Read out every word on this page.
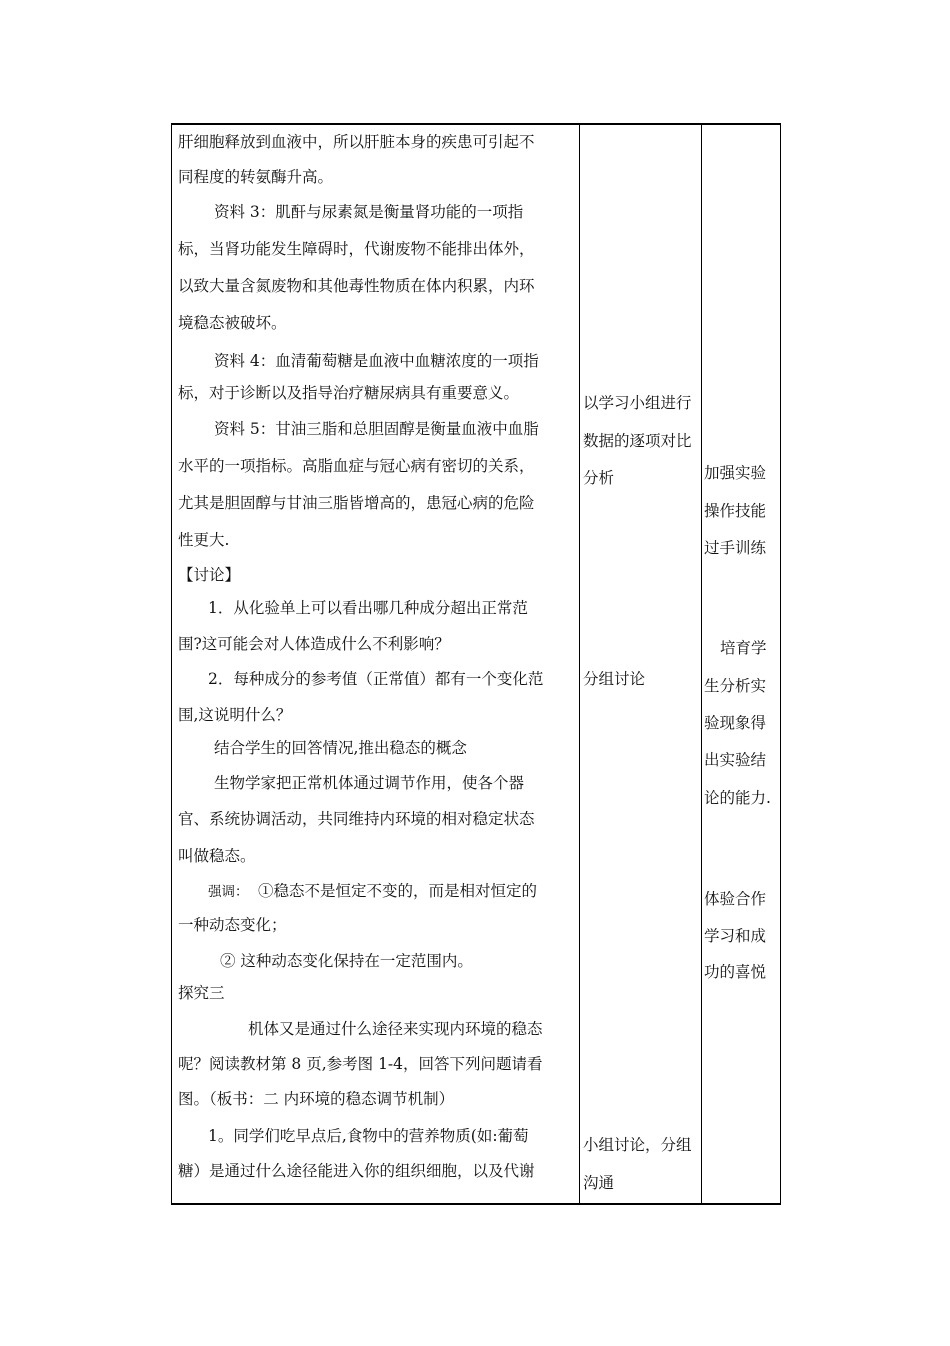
肝细胞释放到血液中，所以肝脏本身的疾患可引起不
同程度的转氨酶升高。
资料 3：肌酐与尿素氮是衡量肾功能的一项指
标，当肾功能发生障碍时，代谢废物不能排出体外，
以致大量含氮废物和其他毒性物质在体内积累，内环
境稳态被破坏。
资料 4：血清葡萄糖是血液中血糖浓度的一项指
标，对于诊断以及指导治疗糖尿病具有重要意义。
资料 5：甘油三脂和总胆固醇是衡量血液中血脂
水平的一项指标。高脂血症与冠心病有密切的关系，
尤其是胆固醇与甘油三脂皆增高的，患冠心病的危险
性更大.
【讨论】
1．从化验单上可以看出哪几种成分超出正常范
围?这可能会对人体造成什么不利影响？
2．每种成分的参考值（正常值）都有一个变化范
围,这说明什么？
结合学生的回答情况,推出稳态的概念
生物学家把正常机体通过调节作用，使各个器
官、系统协调活动，共同维持内环境的相对稳定状态
叫做稳态。
强调： ①稳态不是恒定不变的，而是相对恒定的
一种动态变化；
② 这种动态变化保持在一定范围内。
探究三
机体又是通过什么途径来实现内环境的稳态
呢？阅读教材第 8 页,参考图 1-4，回答下列问题请看
图。（板书：二 内环境的稳态调节机制）
1。同学们吃早点后,食物中的营养物质(如:葡萄
糖）是通过什么途径能进入你的组织细胞，以及代谢
以学习小组进行
数据的逐项对比
分析
分组讨论
小组讨论，分组
沟通
加强实验
操作技能
过手训练
培育学
生分析实
验现象得
出实验结
论的能力.
体验合作
学习和成
功的喜悦
